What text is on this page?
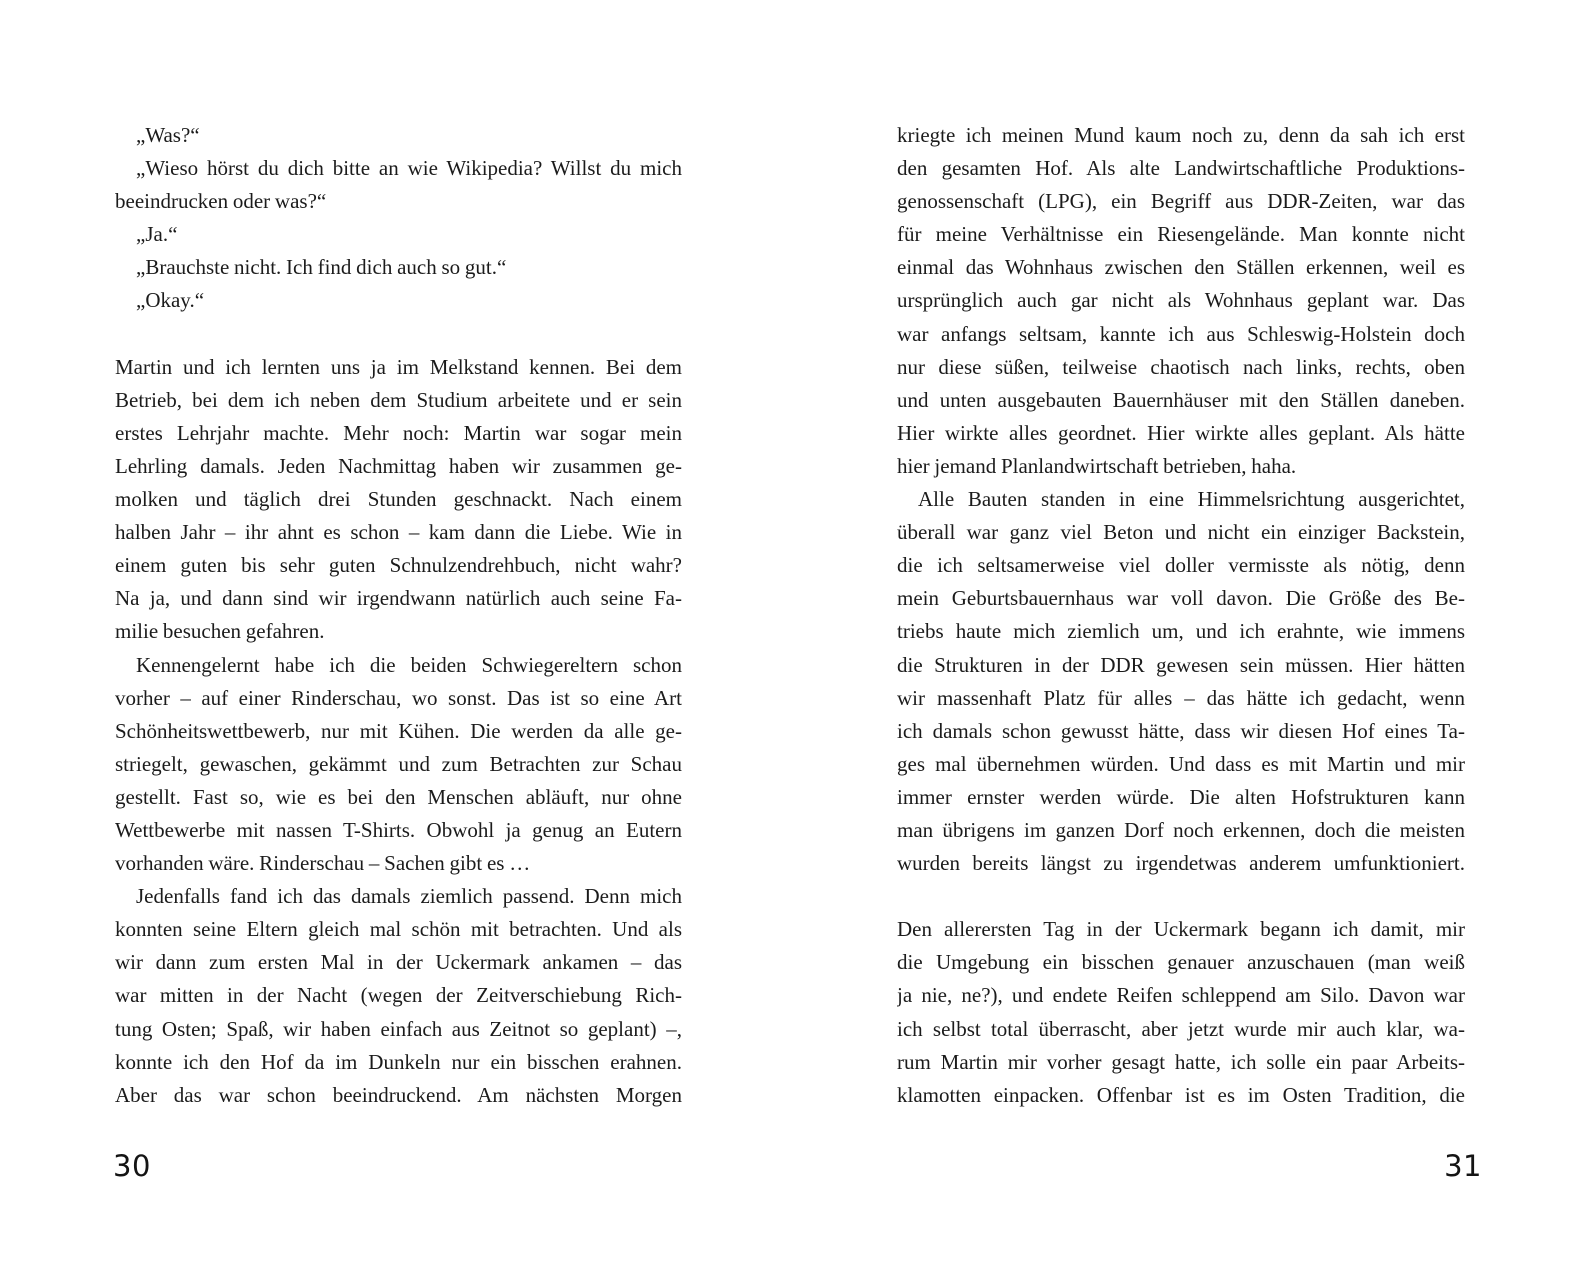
„Was?“
„Wieso hörst du dich bitte an wie Wikipedia? Willst du mich
beeindrucken oder was?“
„Ja.“
„Brauchste nicht. Ich find dich auch so gut.“
„Okay.“
Martin und ich lernten uns ja im Melkstand kennen. Bei dem
Betrieb, bei dem ich neben dem Studium arbeitete und er sein
erstes Lehrjahr machte. Mehr noch: Martin war sogar mein
Lehrling damals. Jeden Nachmittag haben wir zusammen ge-
molken und täglich drei Stunden geschnackt. Nach einem
halben Jahr – ihr ahnt es schon – kam dann die Liebe. Wie in
einem guten bis sehr guten Schnulzendrehbuch, nicht wahr?
Na ja, und dann sind wir irgendwann natürlich auch seine Fa-
milie besuchen gefahren.
Kennengelernt habe ich die beiden Schwiegereltern schon
vorher – auf einer Rinderschau, wo sonst. Das ist so eine Art
Schönheitswettbewerb, nur mit Kühen. Die werden da alle ge-
striegelt, gewaschen, gekämmt und zum Betrachten zur Schau
gestellt. Fast so, wie es bei den Menschen abläuft, nur ohne
Wettbewerbe mit nassen T-Shirts. Obwohl ja genug an Eutern
vorhanden wäre. Rinderschau – Sachen gibt es …
Jedenfalls fand ich das damals ziemlich passend. Denn mich
konnten seine Eltern gleich mal schön mit betrachten. Und als
wir dann zum ersten Mal in der Uckermark ankamen – das
war mitten in der Nacht (wegen der Zeitverschiebung Rich-
tung Osten; Spaß, wir haben einfach aus Zeitnot so geplant) –,
konnte ich den Hof da im Dunkeln nur ein bisschen erahnen.
Aber das war schon beeindruckend. Am nächsten Morgen
30
kriegte ich meinen Mund kaum noch zu, denn da sah ich erst
den gesamten Hof. Als alte Landwirtschaftliche Produktions-
genossenschaft (LPG), ein Begriff aus DDR-Zeiten, war das
für meine Verhältnisse ein Riesengelände. Man konnte nicht
einmal das Wohnhaus zwischen den Ställen erkennen, weil es
ursprünglich auch gar nicht als Wohnhaus geplant war. Das
war anfangs seltsam, kannte ich aus Schleswig-Holstein doch
nur diese süßen, teilweise chaotisch nach links, rechts, oben
und unten ausgebauten Bauernhäuser mit den Ställen daneben.
Hier wirkte alles geordnet. Hier wirkte alles geplant. Als hätte
hier jemand Planlandwirtschaft betrieben, haha.
Alle Bauten standen in eine Himmelsrichtung ausgerichtet,
überall war ganz viel Beton und nicht ein einziger Backstein,
die ich seltsamerweise viel doller vermisste als nötig, denn
mein Geburtsbauernhaus war voll davon. Die Größe des Be-
triebs haute mich ziemlich um, und ich erahnte, wie immens
die Strukturen in der DDR gewesen sein müssen. Hier hätten
wir massenhaft Platz für alles – das hätte ich gedacht, wenn
ich damals schon gewusst hätte, dass wir diesen Hof eines Ta-
ges mal übernehmen würden. Und dass es mit Martin und mir
immer ernster werden würde. Die alten Hofstrukturen kann
man übrigens im ganzen Dorf noch erkennen, doch die meisten
wurden bereits längst zu irgendetwas anderem umfunktioniert.
Den allerersten Tag in der Uckermark begann ich damit, mir
die Umgebung ein bisschen genauer anzuschauen (man weiß
ja nie, ne?), und endete Reifen schleppend am Silo. Davon war
ich selbst total überrascht, aber jetzt wurde mir auch klar, wa-
rum Martin mir vorher gesagt hatte, ich solle ein paar Arbeits-
klamotten einpacken. Offenbar ist es im Osten Tradition, die
31
